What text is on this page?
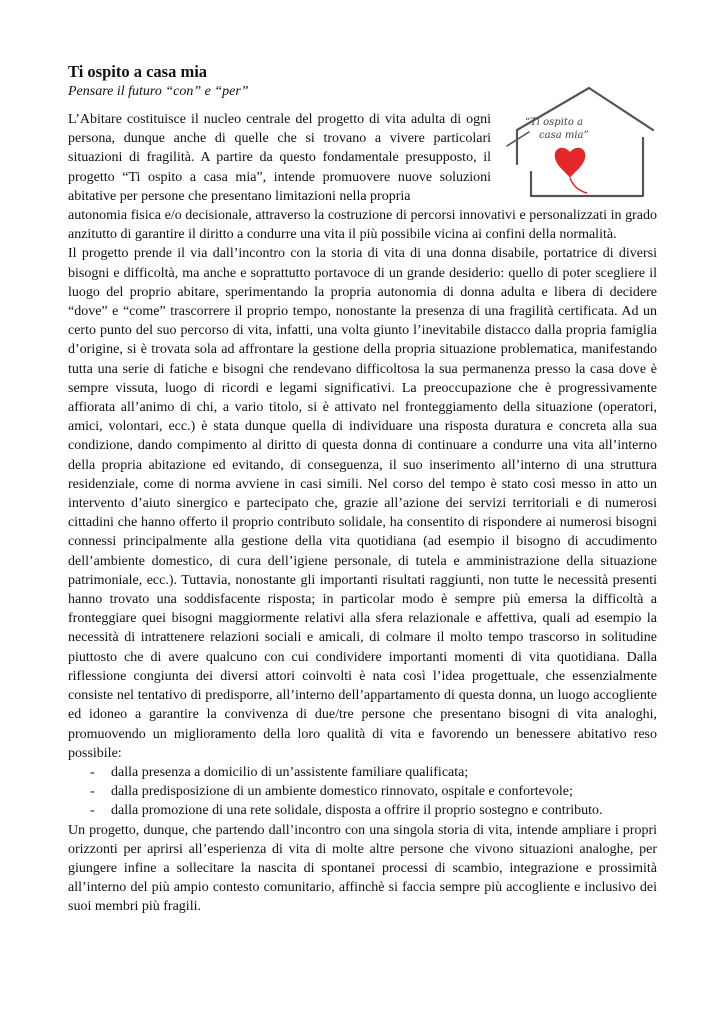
Ti ospito a casa mia
Pensare il futuro “con” e “per”
“Ti ospito a
casa mia”

L’Abitare costituisce il nucleo centrale del progetto di vita adulta di ogni persona, dunque anche di quelle che si trovano a vivere particolari situazioni di fragilità. A partire da questo fondamentale presupposto, il progetto “Ti ospito a casa mia”, intende promuovere nuove soluzioni abitative per persone che presentano limitazioni nella propria

autonomia fisica e/o decisionale, attraverso la costruzione di percorsi innovativi e personalizzati in grado anzitutto di garantire il diritto a condurre una vita il più possibile vicina ai confini della normalità.

Il progetto prende il via dall’incontro con la storia di vita di una donna disabile, portatrice di diversi bisogni e difficoltà, ma anche e soprattutto portavoce di un grande desiderio: quello di poter scegliere il luogo del proprio abitare, sperimentando la propria autonomia di donna adulta e libera di decidere “dove” e “come” trascorrere il proprio tempo, nonostante la presenza di una fragilità certificata. Ad un certo punto del suo percorso di vita, infatti, una volta giunto l’inevitabile distacco dalla propria famiglia d’origine, si è trovata sola ad affrontare la gestione della propria situazione problematica, manifestando tutta una serie di fatiche e bisogni che rendevano difficoltosa la sua permanenza presso la casa dove è sempre vissuta, luogo di ricordi e legami significativi. La preoccupazione che è progressivamente affiorata all’animo di chi, a vario titolo, si è attivato nel fronteggiamento della situazione (operatori, amici, volontari, ecc.) è stata dunque quella di individuare una risposta duratura e concreta alla sua condizione, dando compimento al diritto di questa donna di continuare a condurre una vita all’interno della propria abitazione ed evitando, di conseguenza, il suo inserimento all’interno di una struttura residenziale, come di norma avviene in casi simili. Nel corso del tempo è stato così messo in atto un intervento d’aiuto sinergico e partecipato che, grazie all’azione dei servizi territoriali e di numerosi cittadini che hanno offerto il proprio contributo solidale, ha consentito di rispondere ai numerosi bisogni connessi principalmente alla gestione della vita quotidiana (ad esempio il bisogno di accudimento dell’ambiente domestico, di cura dell’igiene personale, di tutela e amministrazione della situazione patrimoniale, ecc.). Tuttavia, nonostante gli importanti risultati raggiunti, non tutte le necessità presenti hanno trovato una soddisfacente risposta; in particolar modo è sempre più emersa la difficoltà a fronteggiare quei bisogni maggiormente relativi alla sfera relazionale e affettiva, quali ad esempio la necessità di intrattenere relazioni sociali e amicali, di colmare il molto tempo trascorso in solitudine piuttosto che di avere qualcuno con cui condividere importanti momenti di vita quotidiana. Dalla riflessione congiunta dei diversi attori coinvolti è nata così l’idea progettuale, che essenzialmente consiste nel tentativo di predisporre, all’interno dell’appartamento di questa donna, un luogo accogliente ed idoneo a garantire la convivenza di due/tre persone che presentano bisogni di vita analoghi, promuovendo un miglioramento della loro qualità di vita e favorendo un benessere abitativo reso possibile:

- dalla presenza a domicilio di un’assistente familiare qualificata;
- dalla predisposizione di un ambiente domestico rinnovato, ospitale e confortevole;
- dalla promozione di una rete solidale, disposta a offrire il proprio sostegno e contributo.

Un progetto, dunque, che partendo dall’incontro con una singola storia di vita, intende ampliare i propri orizzonti per aprirsi all’esperienza di vita di molte altre persone che vivono situazioni analoghe, per giungere infine a sollecitare la nascita di spontanei processi di scambio, integrazione e prossimità all’interno del più ampio contesto comunitario, affinchè si faccia sempre più accogliente e inclusivo dei suoi membri più fragili.
